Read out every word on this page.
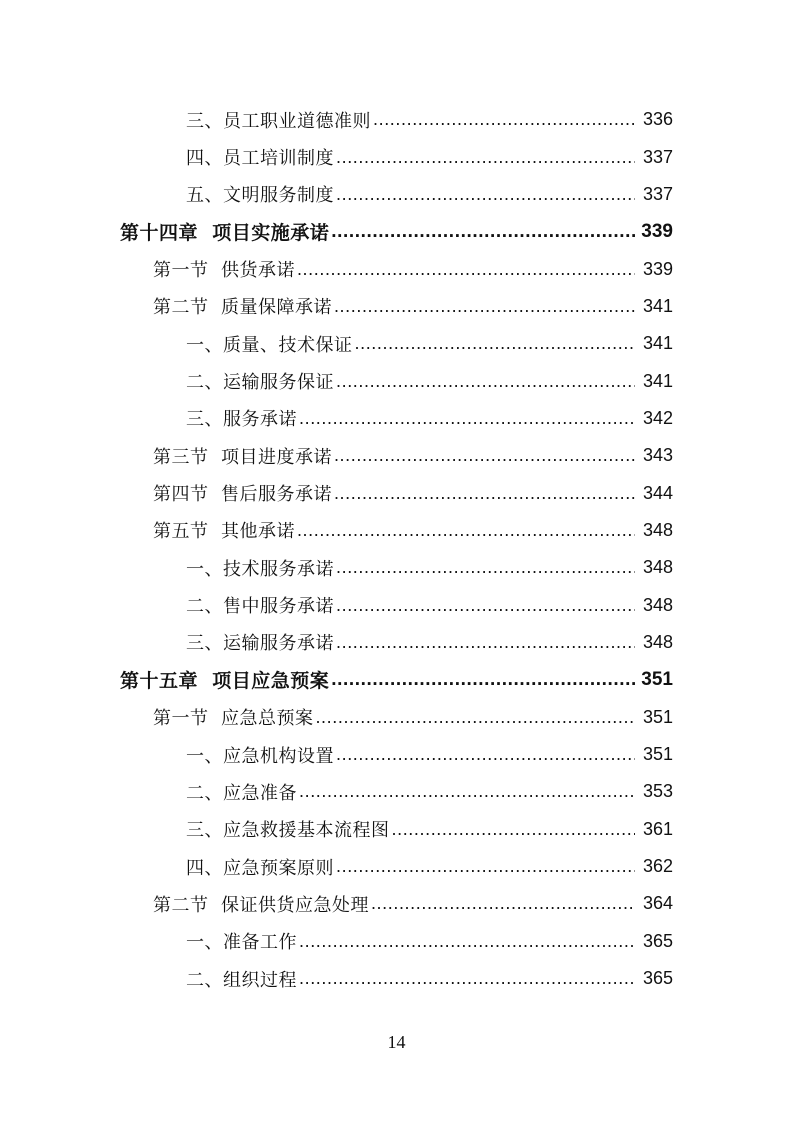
三、员工职业道德准则 .....	336
四、员工培训制度 .....	337
五、文明服务制度 .....	337
第十四章  项目实施承诺 .....	339
第一节  供货承诺 .....	339
第二节  质量保障承诺 .....	341
一、质量、技术保证 .....	341
二、运输服务保证 .....	341
三、服务承诺 .....	342
第三节  项目进度承诺 .....	343
第四节  售后服务承诺 .....	344
第五节  其他承诺 .....	348
一、技术服务承诺 .....	348
二、售中服务承诺 .....	348
三、运输服务承诺 .....	348
第十五章  项目应急预案 .....	351
第一节  应急总预案 .....	351
一、应急机构设置 .....	351
二、应急准备 .....	353
三、应急救援基本流程图 .....	361
四、应急预案原则 .....	362
第二节  保证供货应急处理 .....	364
一、准备工作 .....	365
二、组织过程 .....	365
14
